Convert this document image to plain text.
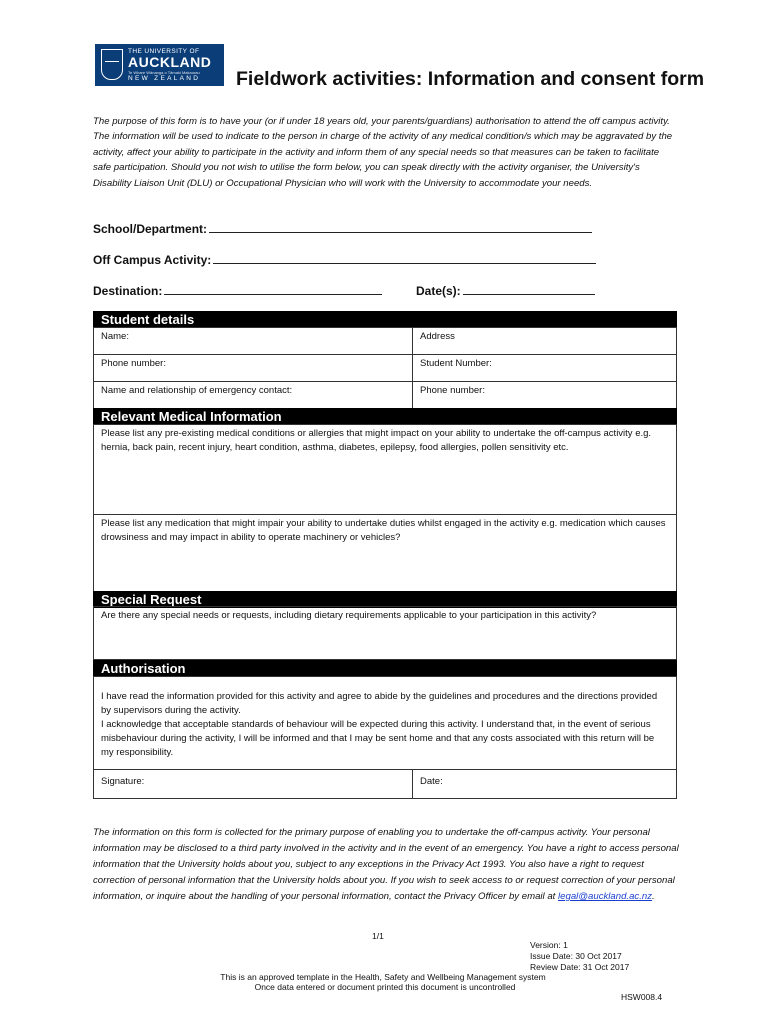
THE UNIVERSITY OF
AUCKLAND
Te Whare Wānanga o Tāmaki Makaurau
NEW ZEALAND Fieldwork activities: Information and consent form

The purpose of this form is to have your (or if under 18 years old, your parents/guardians) authorisation to attend the off campus activity. The information will be used to indicate to the person in charge of the activity of any medical condition/s which may be aggravated by the activity, affect your ability to participate in the activity and inform them of any special needs so that measures can be taken to facilitate safe participation. Should you not wish to utilise the form below, you can speak directly with the activity organiser, the University's Disability Liaison Unit (DLU) or Occupational Physician who will work with the University to accommodate your needs.

School/Department:
Off Campus Activity:
Destination:	Date(s):
Student details

Name:	Address

Phone number:	Student Number:

Name and relationship of emergency contact:	Phone number:

Relevant Medical Information

Please list any pre-existing medical conditions or allergies that might impact on your ability to undertake the off-campus activity e.g. hernia, back pain, recent injury, heart condition, asthma, diabetes, epilepsy, food allergies, pollen sensitivity etc.

Please list any medication that might impair your ability to undertake duties whilst engaged in the activity e.g. medication which causes drowsiness and may impact in ability to operate machinery or vehicles?

Special Request

Are there any special needs or requests, including dietary requirements applicable to your participation in this activity?

Authorisation

I have read the information provided for this activity and agree to abide by the guidelines and procedures and the directions provided by supervisors during the activity.

I acknowledge that acceptable standards of behaviour will be expected during this activity. I understand that, in the event of serious misbehaviour during the activity, I will be informed and that I may be sent home and that any costs associated with this return will be my responsibility.

Signature:	Date:

The information on this form is collected for the primary purpose of enabling you to undertake the off-campus activity. Your personal information may be disclosed to a third party involved in the activity and in the event of an emergency. You have a right to access personal information that the University holds about you, subject to any exceptions in the Privacy Act 1993. You also have a right to request correction of personal information that the University holds about you. If you wish to seek access to or request correction of your personal information, or inquire about the handling of your personal information, contact the Privacy Officer by email at legal@auckland.ac.nz.

1/1
Version: 1
Issue Date: 30 Oct 2017
Review Date: 31 Oct 2017
This is an approved template in the Health, Safety and Wellbeing Management system
Once data entered or document printed this document is uncontrolled
HSW008.4
